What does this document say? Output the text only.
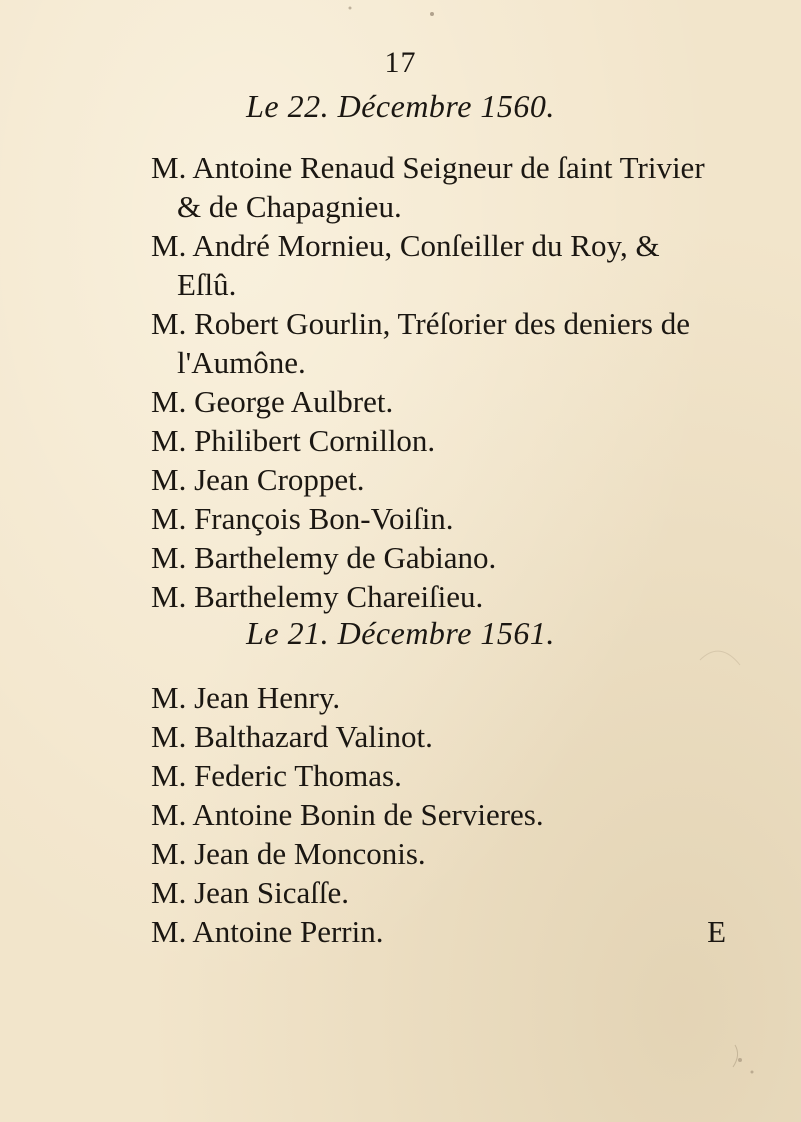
17
Le 22. Décembre 1560.
M. Antoine Renaud Seigneur de ſaint Trivier
& de Chapagnieu.
M. André Mornieu, Conſeiller du Roy, &
Eſlû.
M. Robert Gourlin, Tréſorier des deniers de
l'Aumône.
M. George Aulbret.
M. Philibert Cornillon.
M. Jean Croppet.
M. François Bon-Voiſin.
M. Barthelemy de Gabiano.
M. Barthelemy Chareiſieu.
Le 21. Décembre 1561.
M. Jean Henry.
M. Balthazard Valinot.
M. Federic Thomas.
M. Antoine Bonin de Servieres.
M. Jean de Monconis.
M. Jean Sicaſſe.
M. Antoine Perrin.	E
